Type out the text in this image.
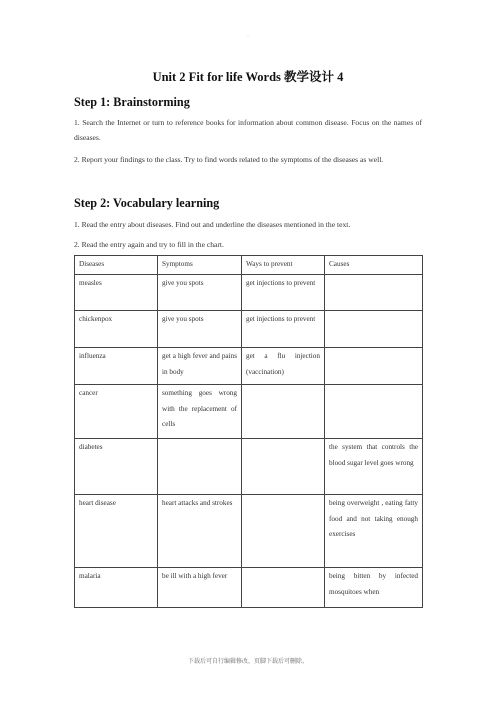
·
Unit 2 Fit for life Words 教学设计 4
Step 1: Brainstorming
1. Search the Internet or turn to reference books for information about common disease. Focus on the names of diseases.
2. Report your findings to the class. Try to find words related to the symptoms of the diseases as well.
Step 2: Vocabulary learning
1. Read the entry about diseases. Find out and underline the diseases mentioned in the text.
2. Read the entry again and try to fill in the chart.
Diseases	Symptoms	Ways to prevent	Causes
measles	give you spots	get injections to prevent	
chickenpox	give you spots	get injections to prevent	
influenza	get a high fever and pains in body	get a flu injection (vaccination)	
cancer	something goes wrong with the replacement of cells		
diabetes			the system that controls the blood sugar level goes wrong
heart disease	heart attacks and strokes		being overweight , eating fatty food and not taking enough exercises
malaria	be ill with a high fever		being bitten by infected mosquitoes when
下载后可自行编辑修改，页脚下载后可删除。
